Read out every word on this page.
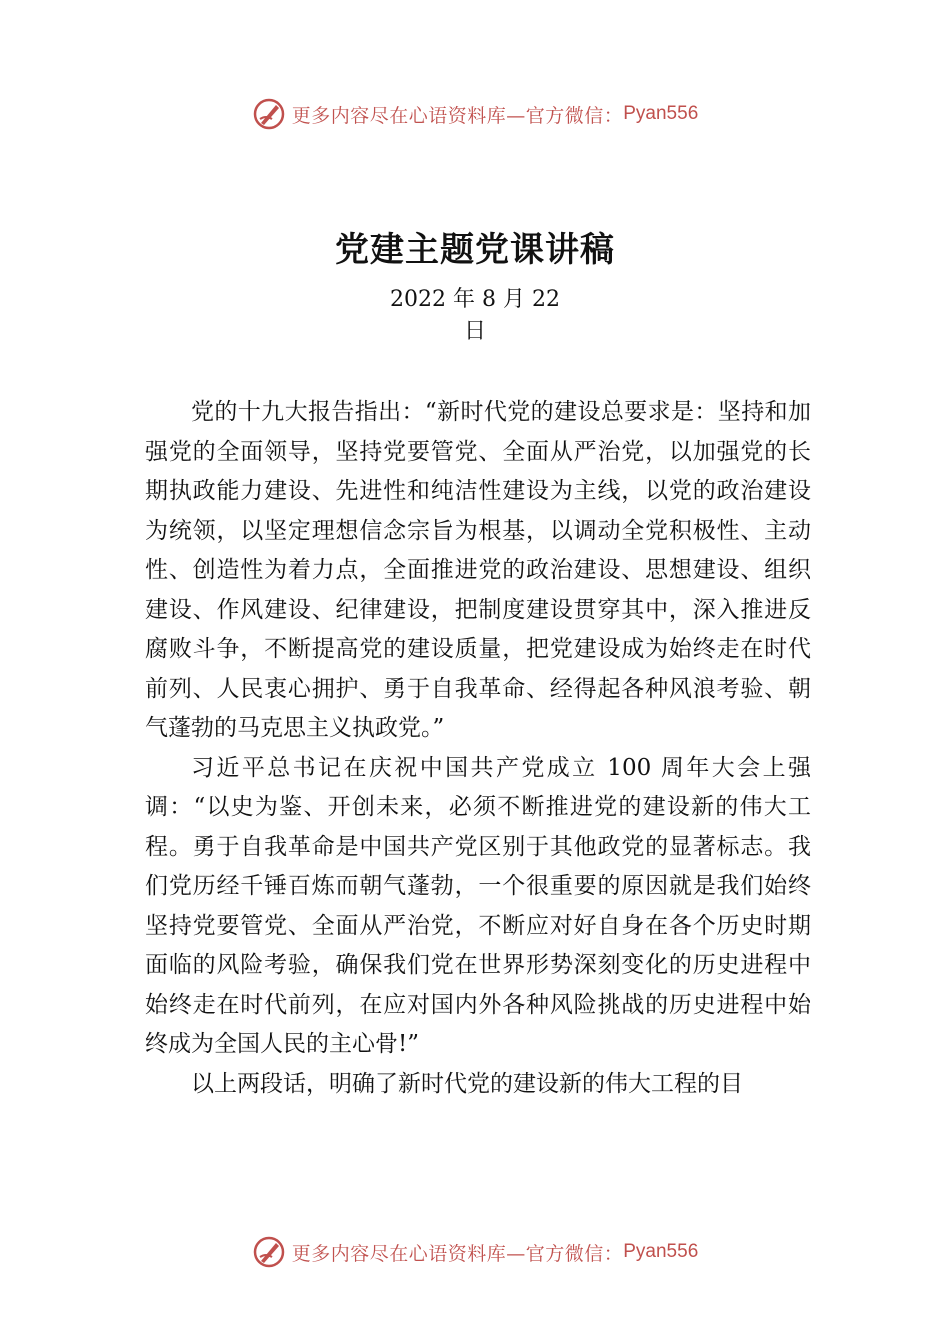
更多内容尽在心语资料库—官方微信： Pyan556
党建主题党课讲稿
2022 年 8 月 22
日

党的十九大报告指出：“新时代党的建设总要求是：坚持和加强党的全面领导，坚持党要管党、全面从严治党，以加强党的长期执政能力建设、先进性和纯洁性建设为主线，以党的政治建设为统领，以坚定理想信念宗旨为根基，以调动全党积极性、主动性、创造性为着力点，全面推进党的政治建设、思想建设、组织建设、作风建设、纪律建设，把制度建设贯穿其中，深入推进反腐败斗争，不断提高党的建设质量，把党建设成为始终走在时代前列、人民衷心拥护、勇于自我革命、经得起各种风浪考验、朝气蓬勃的马克思主义执政党。”

习近平总书记在庆祝中国共产党成立 100 周年大会上强调：“以史为鉴、开创未来，必须不断推进党的建设新的伟大工程。勇于自我革命是中国共产党区别于其他政党的显著标志。我们党历经千锤百炼而朝气蓬勃，一个很重要的原因就是我们始终坚持党要管党、全面从严治党，不断应对好自身在各个历史时期面临的风险考验，确保我们党在世界形势深刻变化的历史进程中始终走在时代前列，在应对国内外各种风险挑战的历史进程中始终成为全国人民的主心骨!”

以上两段话，明确了新时代党的建设新的伟大工程的目

更多内容尽在心语资料库—官方微信： Pyan556
